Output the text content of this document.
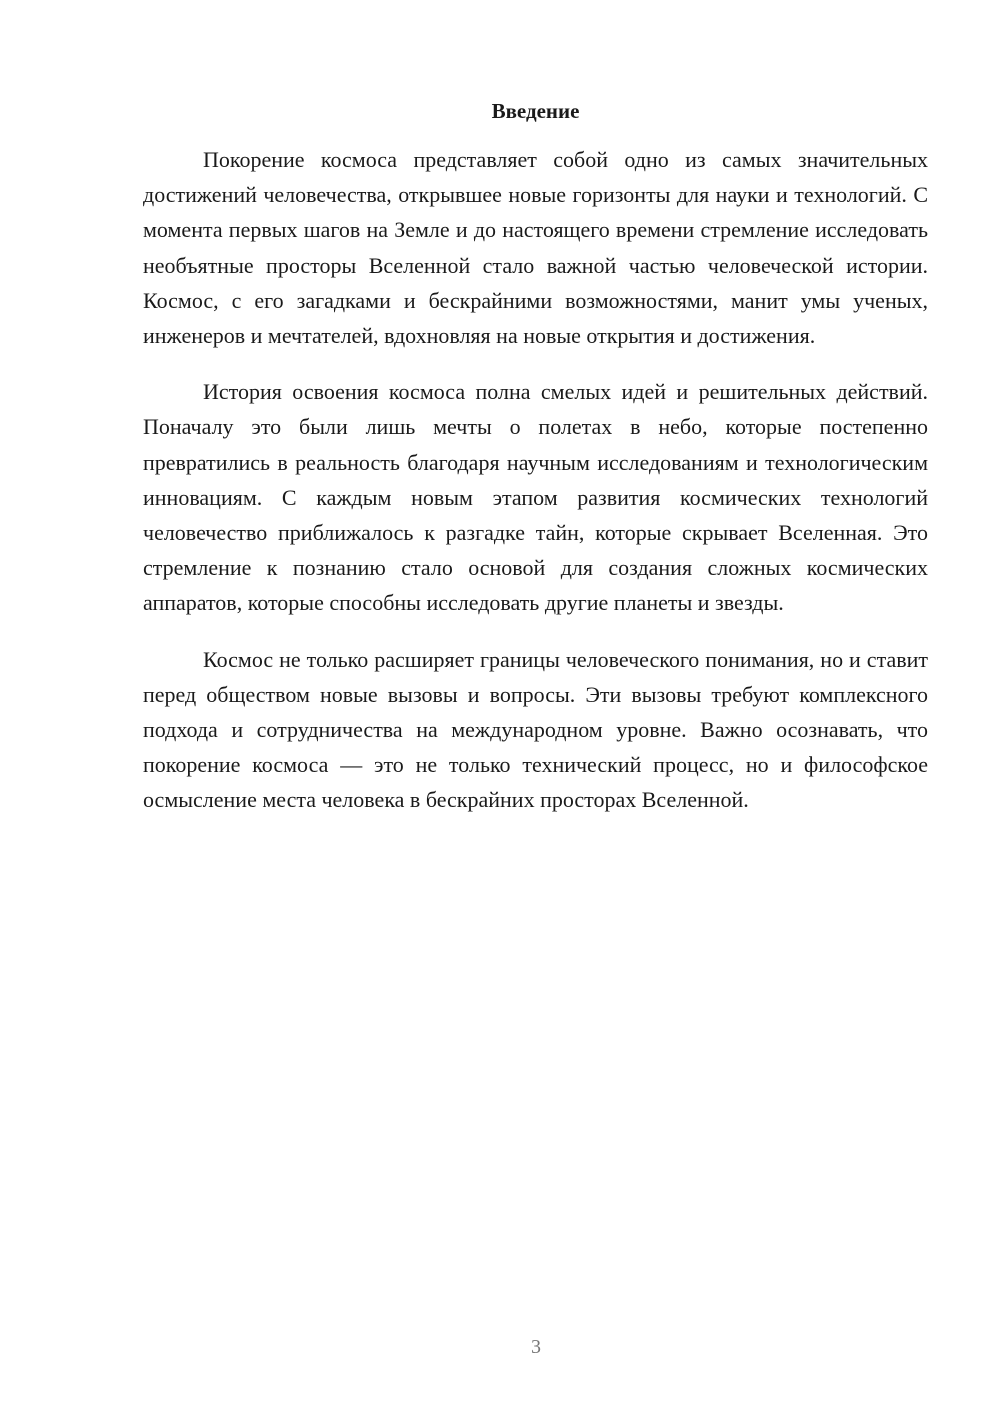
Введение

Покорение космоса представляет собой одно из самых значительных достижений человечества, открывшее новые горизонты для науки и технологий. С момента первых шагов на Земле и до настоящего времени стремление исследовать необъятные просторы Вселенной стало важной частью человеческой истории. Космос, с его загадками и бескрайними возможностями, манит умы ученых, инженеров и мечтателей, вдохновляя на новые открытия и достижения.

История освоения космоса полна смелых идей и решительных действий. Поначалу это были лишь мечты о полетах в небо, которые постепенно превратились в реальность благодаря научным исследованиям и технологическим инновациям. С каждым новым этапом развития космических технологий человечество приближалось к разгадке тайн, которые скрывает Вселенная. Это стремление к познанию стало основой для создания сложных космических аппаратов, которые способны исследовать другие планеты и звезды.

Космос не только расширяет границы человеческого понимания, но и ставит перед обществом новые вызовы и вопросы. Эти вызовы требуют комплексного подхода и сотрудничества на международном уровне. Важно осознавать, что покорение космоса — это не только технический процесс, но и философское осмысление места человека в бескрайних просторах Вселенной.

3
